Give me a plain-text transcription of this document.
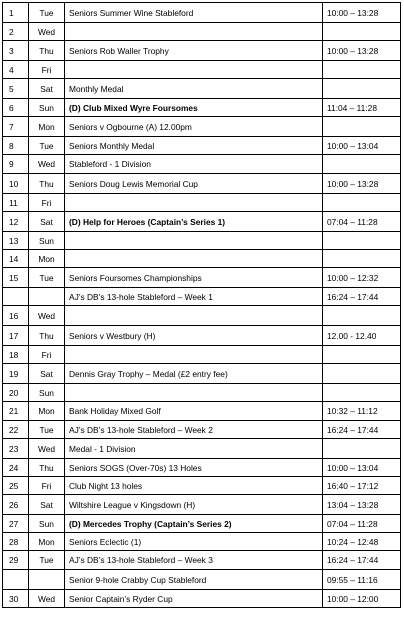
1	Tue	Seniors Summer Wine Stableford	10:00 – 13:28
2	Wed		
3	Thu	Seniors Rob Waller Trophy	10:00 – 13:28
4	Fri		
5	Sat	Monthly Medal	
6	Sun	(D) Club Mixed Wyre Foursomes	11:04 – 11:28
7	Mon	Seniors v Ogbourne (A) 12.00pm	
8	Tue	Seniors Monthly Medal	10:00 – 13:04
9	Wed	Stableford - 1 Division	
10	Thu	Seniors Doug Lewis Memorial Cup	10:00 – 13:28
11	Fri		
12	Sat	(D) Help for Heroes (Captain’s Series 1)	07:04 – 11:28
13	Sun		
14	Mon		
15	Tue	Seniors Foursomes Championships	10:00 – 12:32
		AJ’s DB’s 13-hole Stableford – Week 1	16:24 – 17:44
16	Wed		
17	Thu	Seniors v Westbury (H)	12.00 - 12.40
18	Fri		
19	Sat	Dennis Gray Trophy – Medal (£2 entry fee)	
20	Sun		
21	Mon	Bank Holiday Mixed Golf	10:32 – 11:12
22	Tue	AJ’s DB’s 13-hole Stableford – Week 2	16:24 – 17:44
23	Wed	Medal - 1 Division	
24	Thu	Seniors SOGS (Over-70s) 13 Holes	10:00 – 13:04
25	Fri	Club Night 13 holes	16:40 – 17:12
26	Sat	Wiltshire League v Kingsdown (H)	13:04 – 13:28
27	Sun	(D) Mercedes Trophy (Captain’s Series 2)	07:04 – 11:28
28	Mon	Seniors Eclectic (1)	10:24 – 12:48
29	Tue	AJ’s DB’s 13-hole Stableford – Week 3	16:24 – 17:44
		Senior 9-hole Crabby Cup Stableford	09:55 – 11:16
30	Wed	Senior Captain’s Ryder Cup	10:00 – 12:00
